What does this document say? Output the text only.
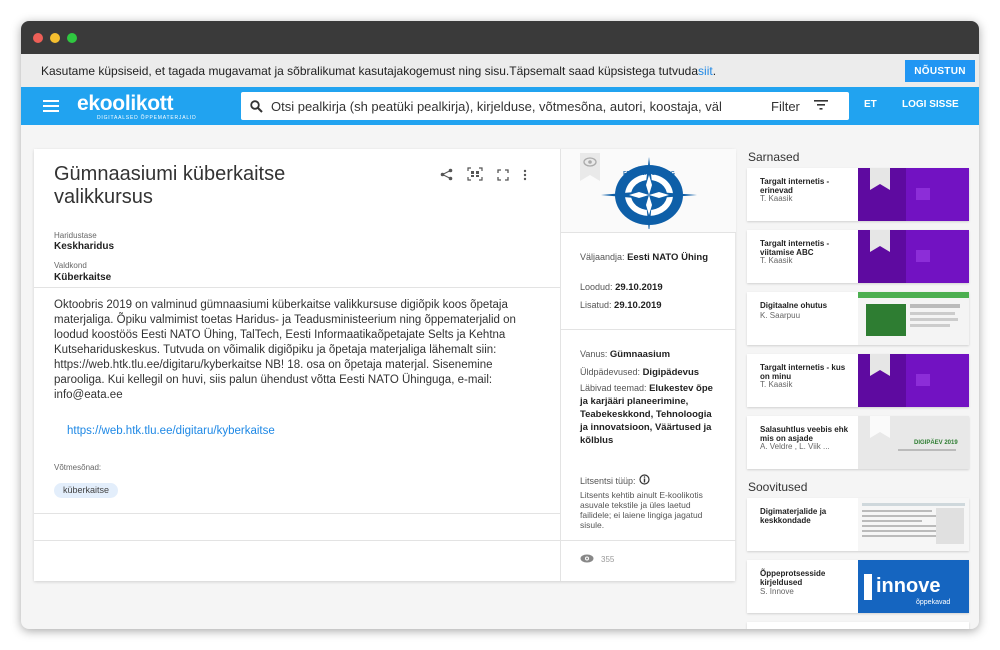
Kasutame küpsiseid, et tagada mugavamat ja sõbralikumat kasutajakogemust ning sisu.Täpsemalt saad küpsistega tutvuda siit .	NÕUSTUN
ekoolikott
DIGITAALSED ÕPPEMATERJALID
Otsi pealkirja (sh peatüki pealkirja), kirjelduse, võtmesõna, autori, koostaja, väl
Filter	ET	LOGI SISSE
Gümnaasiumi küberkaitse valikkursus
Haridustase
Keskharidus
Valdkond
Küberkaitse
Oktoobris 2019 on valminud gümnaasiumi küberkaitse valikkursuse digiõpik koos õpetaja materjaliga. Õpiku valmimist toetas Haridus- ja Teadusministeerium ning õppematerjalid on loodud koostöös Eesti NATO Ühing, TalTech, Eesti Informaatikaõpetajate Selts ja Kehtna Kutsehariduskeskus. Tutvuda on võimalik digiõpiku ja õpetaja materjaliga lähemalt siin: https://web.htk.tlu.ee/digitaru/kyberkaitse NB! 18. osa on õpetaja materjal. Sisenemine parooliga. Kui kellegil on huvi, siis palun ühendust võtta Eesti NATO Ühinguga, e-mail: info@eata.ee
https://web.htk.tlu.ee/digitaru/kyberkaitse
Võtmesõnad:
küberkaitse
EESTI NATO ÜHING
Väljaandja: Eesti NATO Ühing
Loodud: 29.10.2019
Lisatud: 29.10.2019
Vanus: Gümnaasium
Üldpädevused: Digipädevus
Läbivad teemad: Elukestev õpe ja karjääri planeerimine, Teabekeskkond, Tehnoloogia ja innovatsioon, Väärtused ja kõlblus
Litsentsi tüüp:
Litsents kehtib ainult E-koolikotis asuvale tekstile ja üles laetud failidele; ei laiene lingiga jagatud sisule.
355
Sarnased
Targalt internetis - erinevad
T. Kaasik
Targalt internetis - viitamise ABC
T. Kaasik
Digitaalne ohutus
K. Saarpuu
Targalt internetis - kus on minu
T. Kaasik
Salasuhtlus veebis ehk mis on asjade
A. Veldre , L. Viik ...	DIGIPÄEV 2019
Soovitused
Digimaterjalide ja keskkondade
Õppeprotsesside kirjeldused
S. Innove	innove
õppekavad
